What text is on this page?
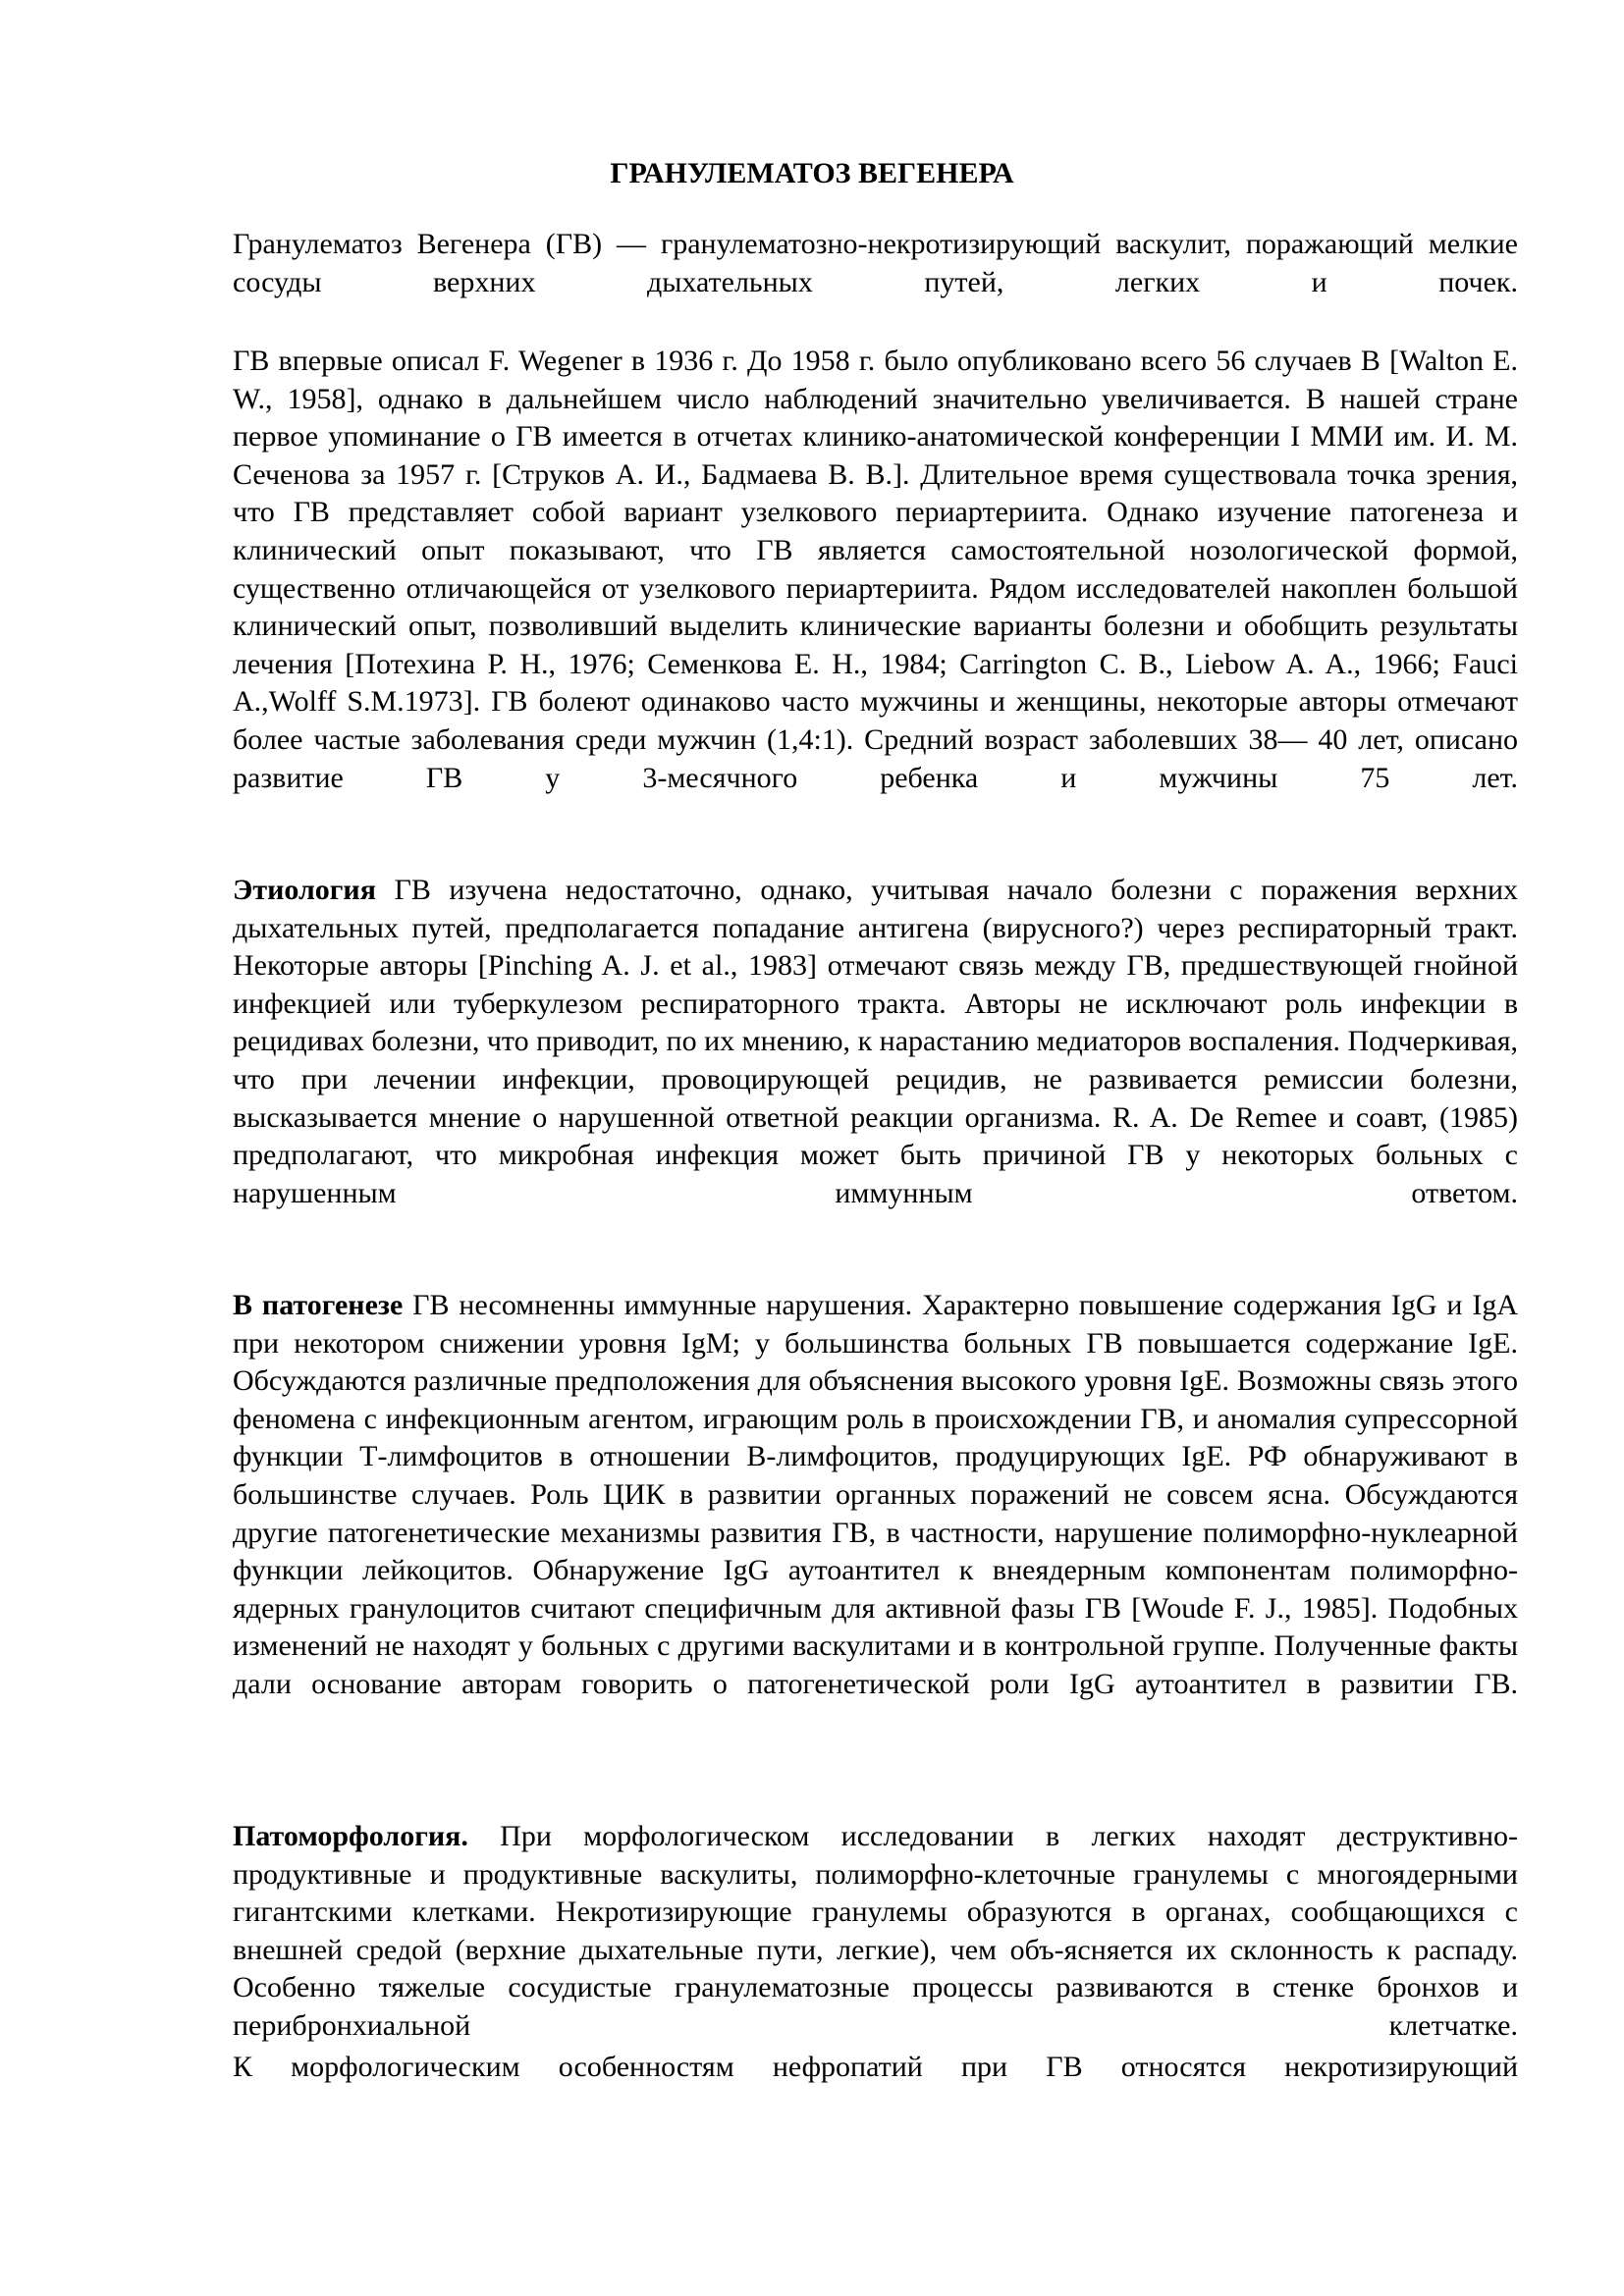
ГРАНУЛЕМАТОЗ ВЕГЕНЕРА

Гранулематоз Вегенера (ГВ) — гранулематозно-некротизирующий васкулит, поражающий мелкие сосуды верхних дыхательных путей, легких и почек.

ГВ впервые описал F. Wegener в 1936 г. До 1958 г. было опубликовано всего 56 случаев В [Walton E. W., 1958], однако в дальнейшем число наблюдений значительно увеличивается. В нашей стране первое упоминание о ГВ имеется в отчетах клинико-анатомической конференции I ММИ им. И. М. Сеченова за 1957 г. [Струков А. И., Бадмаева В. В.]. Длительное время существовала точка зрения, что ГВ представляет собой вариант узелкового периартериита. Однако изучение патогенеза и клинический опыт показывают, что ГВ является самостоятельной нозологической формой, существенно отличающейся от узелкового периартериита. Рядом исследователей накоплен большой клинический опыт, позволивший выделить клинические варианты болезни и обобщить результаты лечения [Потехина Р. Н., 1976; Семенкова Е. Н., 1984; Carrington C. B., Liebow A. A., 1966; Fauci A.,Wolff S.M.1973]. ГВ болеют одинаково часто мужчины и женщины, некоторые авторы отмечают более частые заболевания среди мужчин (1,4:1). Средний возраст заболевших 38— 40 лет, описано развитие ГВ у 3-месячного ребенка и мужчины 75 лет.

Этиология ГВ изучена недостаточно, однако, учитывая начало болезни с поражения верхних дыхательных путей, предполагается попадание антигена (вирусного?) через респираторный тракт. Некоторые авторы [Pinching A. J. et al., 1983] отмечают связь между ГВ, предшествующей гнойной инфекцией или туберкулезом респираторного тракта. Авторы не исключают роль инфекции в рецидивах болезни, что приводит, по их мнению, к нарастанию медиаторов воспаления. Подчеркивая, что при лечении инфекции, провоцирующей рецидив, не развивается ремиссии болезни, высказывается мнение о нарушенной ответной реакции организма. R. A. De Remee и соавт, (1985) предполагают, что микробная инфекция может быть причиной ГВ у некоторых больных с нарушенным иммунным ответом.

В патогенезе ГВ несомненны иммунные нарушения. Характерно повышение содержания IgG и IgA при некотором снижении уровня IgM; у большинства больных ГВ повышается содержание IgE. Обсуждаются различные предположения для объяснения высокого уровня IgE. Возможны связь этого феномена с инфекционным агентом, играющим роль в происхождении ГВ, и аномалия супрессорной функции Т-лимфоцитов в отношении В-лимфоцитов, продуцирующих IgE. РФ обнаруживают в большинстве случаев. Роль ЦИК в развитии органных поражений не совсем ясна. Обсуждаются другие патогенетические механизмы развития ГВ, в частности, нарушение полиморфно-нуклеарной функции лейкоцитов. Обнаружение IgG аутоантител к внеядерным компонентам полиморфно-ядерных гранулоцитов считают специфичным для активной фазы ГВ [Woude F. J., 1985]. Подобных изменений не находят у больных с другими васкулитами и в контрольной группе. Полученные факты дали основание авторам говорить о патогенетической роли IgG аутоантител в развитии ГВ.

Патоморфология. При морфологическом исследовании в легких находят деструктивно-продуктивные и продуктивные васкулиты, полиморфно-клеточные гранулемы с многоядерными гигантскими клетками. Некротизирующие гранулемы образуются в органах, сообщающихся с внешней средой (верхние дыхательные пути, легкие), чем объ-ясняется их склонность к распаду. Особенно тяжелые сосудистые гранулематозные процессы развиваются в стенке бронхов и перибронхиальной клетчатке.

К морфологическим особенностям нефропатий при ГВ относятся некротизирующий
